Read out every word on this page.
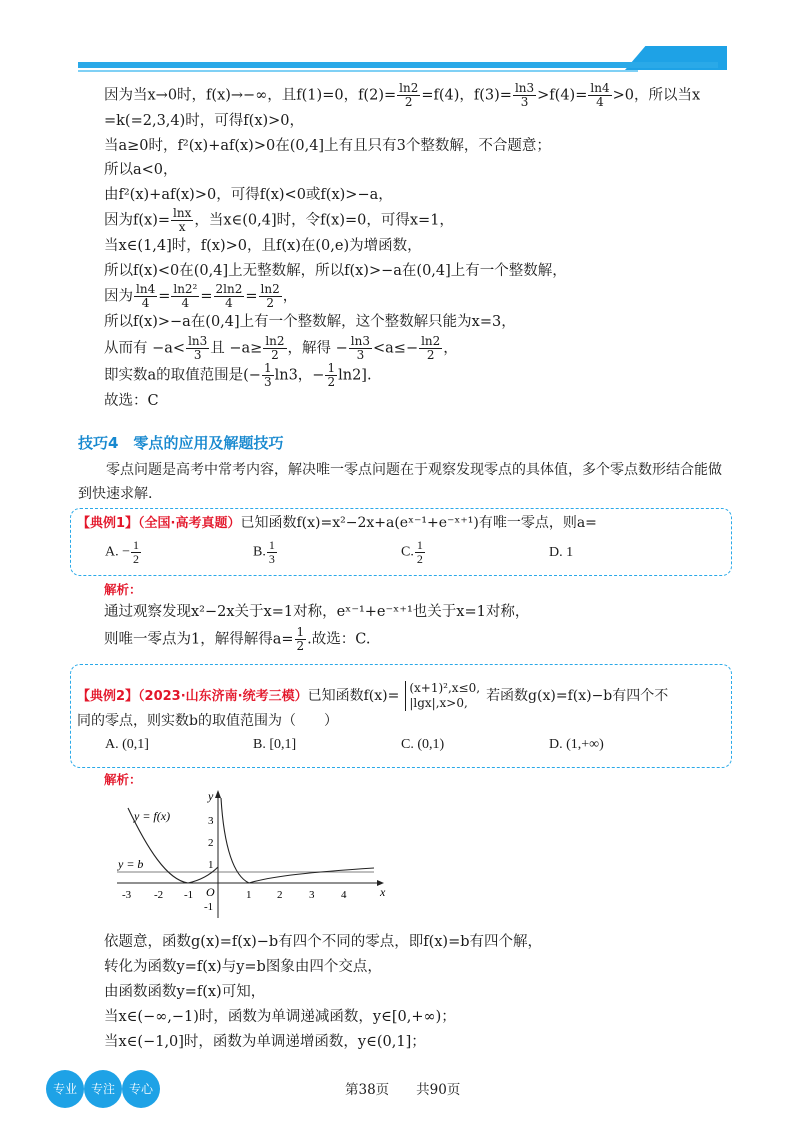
因为当x→0时，f(x)→−∞，且f(1)=0，$f(2)= \frac{\ln 2}{2} =f(4)$，$f(3)= \frac{\ln 3}{3} >f(4)= \frac{\ln 4}{4} >0$，所以当x
=k(=2,3,4)时，可得f(x)>0，
当a≥0时，f²(x)+af(x)>0在(0,4]上有且只有3个整数解，不合题意；
所以a<0，
由f²(x)+af(x)>0，可得f(x)<0或f(x)>−a，
因为$f(x)= \frac{\ln x}{x}$ ，当x∈(0,4]时，令f(x)=0，可得x=1，
当x∈(1,4]时，f(x)>0，且f(x)在(0,e)为增函数，
所以f(x)<0在(0,4]上无整数解，所以f(x)>−a在(0,4]上有一个整数解，
因为 $\frac{\ln 4}{4} = \frac{\text{ln2²}}{4} = \frac{2\ln 2}{4} = \frac{\ln 2}{2}$ ，
所以f(x)>−a在(0,4]上有一个整数解，这个整数解只能为x=3，
从而有 $-a< \frac{\ln 3}{3}$ 且 $-a\ge \frac{\ln 2}{2}$ ，解得 − $\frac{\ln 3}{3} <a\le- \frac{\ln 2}{2}$ ，
即实数a的取值范围是(− $\frac{1}{3} \ln 3$，− $\frac{1}{2} \ln 2$].
故选：C
技巧4　零点的应用及解题技巧
零点问题是高考中常考内容，解决唯一零点问题在于观察发现零点的具体值，多个零点数形结合能做到快速求解.
【典例1】（全国·高考真题）已知函数f(x)=x²−2x+a(eˣ⁻¹+e⁻ˣ⁺¹)有唯一零点，则a=
A. − $\frac{1}{2}$	B. $\frac{1}{3}$	C. $\frac{1}{2}$	D. 1
解析：
通过观察发现x²−2x关于x=1对称，eˣ⁻¹+e⁻ˣ⁺¹也关于x=1对称，
则唯一零点为1，解得解得$a= \frac{1}{2}$ .故选：C.
【典例2】（2023·山东济南·统考三模）已知函数f(x)= (x+1)²,x≤0,
|lgx|,x>0,	若函数g(x)=f(x)−b有四个不
同的零点，则实数b的取值范围为（　　）
A. (0,1]	B. [0,1]	C. (0,1)	D. (1,+∞)
解析：
y = f(x)
y = b
y
x
O
-3 -2 -1	1 2 3 4
3
2
1
-1
依题意，函数g(x)=f(x)−b有四个不同的零点，即f(x)=b有四个解，
转化为函数y=f(x)与y=b图象由四个交点，
由函数函数y=f(x)可知，
当x∈(−∞,−1)时，函数为单调递减函数，y∈[0,+∞)；
当x∈(−1,0]时，函数为单调递增函数，y∈(0,1]；
专业	专注	专心	第38页　　共90页
